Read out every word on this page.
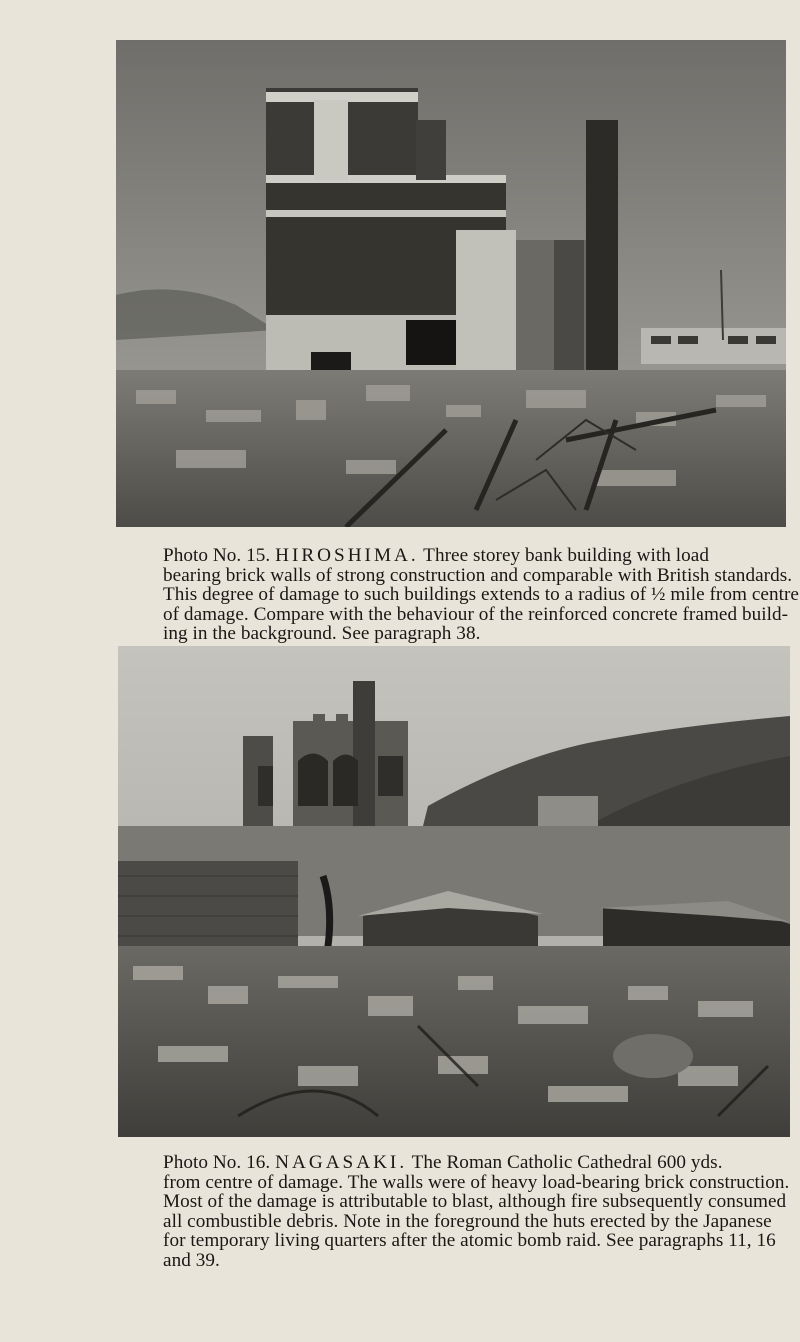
Photo No. 15. HIROSHIMA. Three storey bank building with load
bearing brick walls of strong construction and comparable with British standards.
This degree of damage to such buildings extends to a radius of ½ mile from centre
of damage. Compare with the behaviour of the reinforced concrete framed build-
ing in the background. See paragraph 38.
Photo No. 16. NAGASAKI. The Roman Catholic Cathedral 600 yds.
from centre of damage. The walls were of heavy load-bearing brick construction.
Most of the damage is attributable to blast, although fire subsequently consumed
all combustible debris. Note in the foreground the huts erected by the Japanese
for temporary living quarters after the atomic bomb raid. See paragraphs 11, 16
and 39.
